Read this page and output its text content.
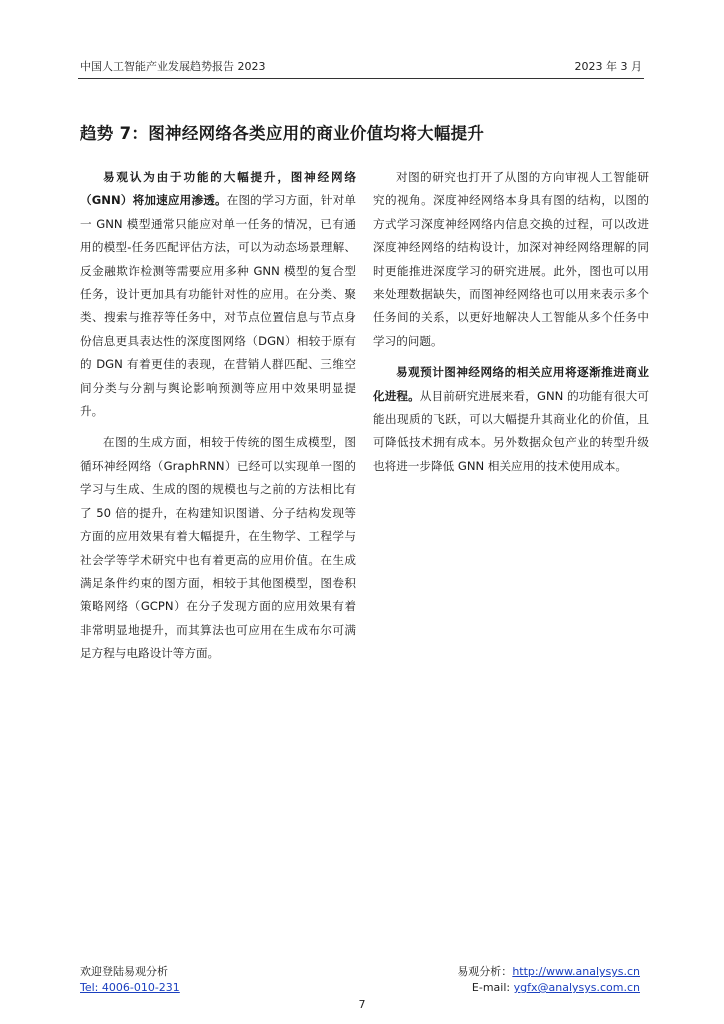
中国人工智能产业发展趋势报告 2023	2023 年 3 月
趋势 7：图神经网络各类应用的商业价值均将大幅提升

易观认为由于功能的大幅提升，图神经网络（GNN）将加速应用渗透。在图的学习方面，针对单一 GNN 模型通常只能应对单一任务的情况，已有通用的模型-任务匹配评估方法，可以为动态场景理解、反金融欺诈检测等需要应用多种 GNN 模型的复合型任务，设计更加具有功能针对性的应用。在分类、聚类、搜索与推荐等任务中，对节点位置信息与节点身份信息更具表达性的深度图网络（DGN）相较于原有的 DGN 有着更佳的表现，在营销人群匹配、三维空间分类与分割与舆论影响预测等应用中效果明显提升。

在图的生成方面，相较于传统的图生成模型，图循环神经网络（GraphRNN）已经可以实现单一图的学习与生成、生成的图的规模也与之前的方法相比有了 50 倍的提升，在构建知识图谱、分子结构发现等方面的应用效果有着大幅提升，在生物学、工程学与社会学等学术研究中也有着更高的应用价值。在生成满足条件约束的图方面，相较于其他图模型，图卷积策略网络（GCPN）在分子发现方面的应用效果有着非常明显地提升，而其算法也可应用在生成布尔可满足方程与电路设计等方面。

对图的研究也打开了从图的方向审视人工智能研究的视角。深度神经网络本身具有图的结构，以图的方式学习深度神经网络内信息交换的过程，可以改进深度神经网络的结构设计，加深对神经网络理解的同时更能推进深度学习的研究进展。此外，图也可以用来处理数据缺失，而图神经网络也可以用来表示多个任务间的关系，以更好地解决人工智能从多个任务中学习的问题。

易观预计图神经网络的相关应用将逐渐推进商业化进程。从目前研究进展来看，GNN 的功能有很大可能出现质的飞跃，可以大幅提升其商业化的价值，且可降低技术拥有成本。另外数据众包产业的转型升级也将进一步降低 GNN 相关应用的技术使用成本。

欢迎登陆易观分析
Tel: 4006-010-231
易观分析：http://www.analysys.cn
E-mail: ygfx@analysys.com.cn
7
